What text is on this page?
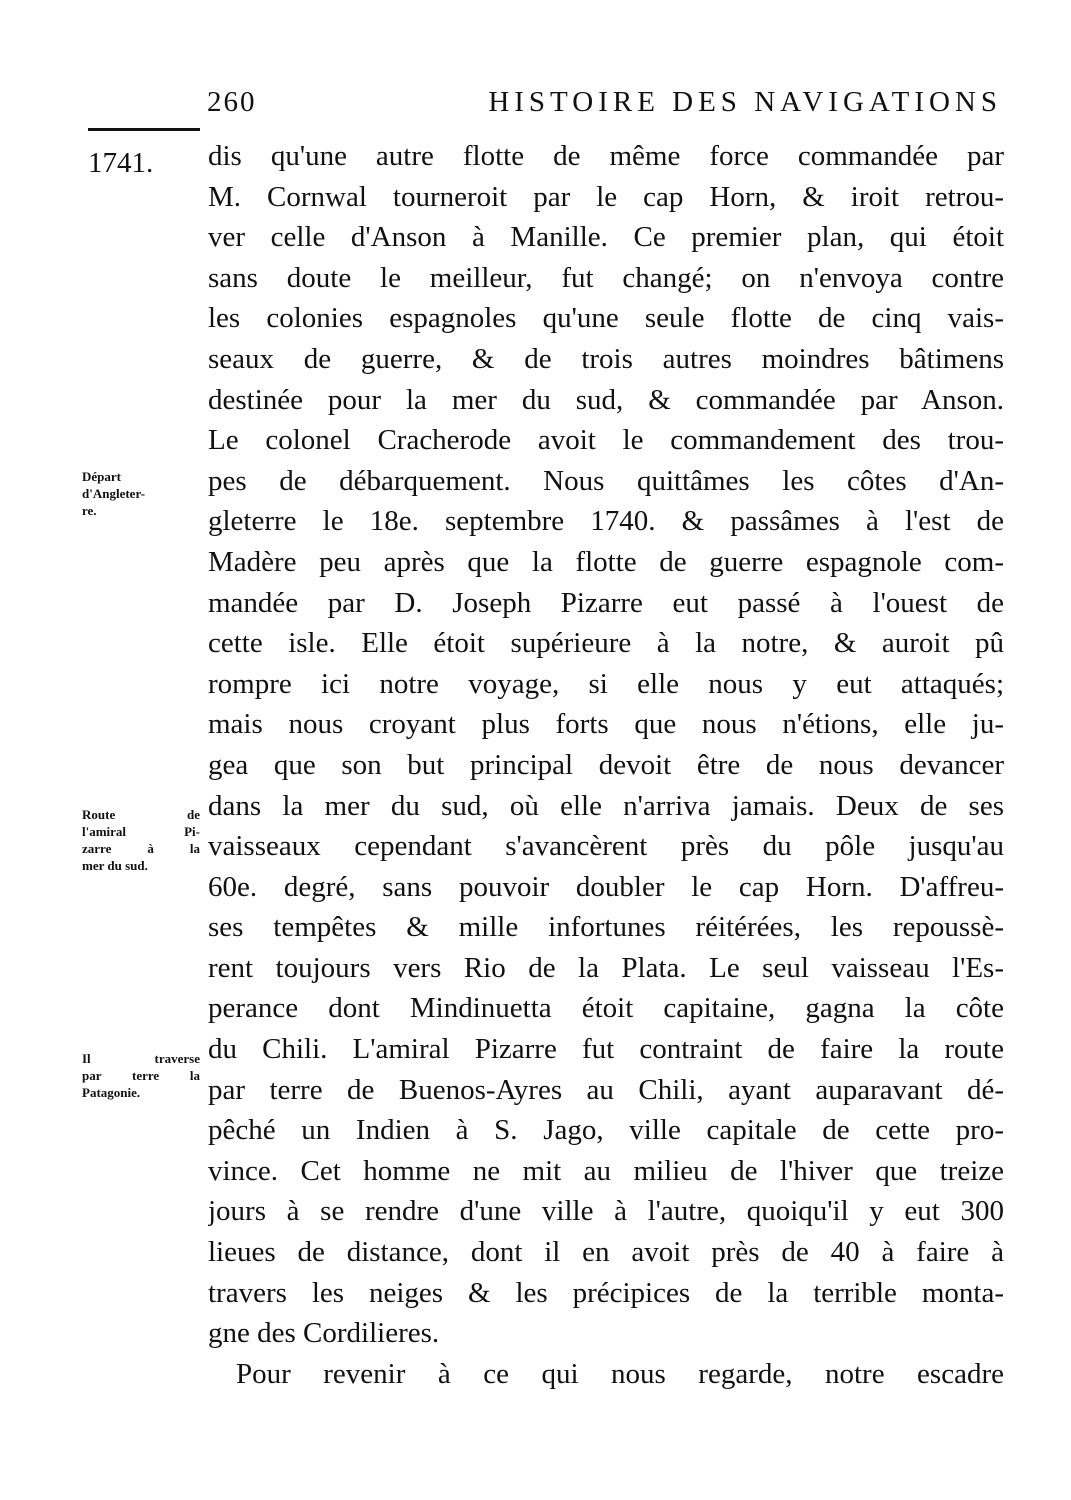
260	HISTOIRE DES NAVIGATIONS
1741.
Départ
d'Angleter-
re.
Route de
l'amiral Pi-
zarre à la
mer du sud.
Il traverse
par terre la
Patagonie.
dis qu'une autre flotte de même force commandée par
M. Cornwal tourneroit par le cap Horn, & iroit retrou-
ver celle d'Anson à Manille. Ce premier plan, qui étoit
sans doute le meilleur, fut changé; on n'envoya contre
les colonies espagnoles qu'une seule flotte de cinq vais-
seaux de guerre, & de trois autres moindres bâtimens
destinée pour la mer du sud, & commandée par Anson.
Le colonel Cracherode avoit le commandement des trou-
pes de débarquement. Nous quittâmes les côtes d'An-
gleterre le 18e. septembre 1740. & passâmes à l'est de
Madère peu après que la flotte de guerre espagnole com-
mandée par D. Joseph Pizarre eut passé à l'ouest de
cette isle. Elle étoit supérieure à la notre, & auroit pû
rompre ici notre voyage, si elle nous y eut attaqués;
mais nous croyant plus forts que nous n'étions, elle ju-
gea que son but principal devoit être de nous devancer
dans la mer du sud, où elle n'arriva jamais. Deux de ses
vaisseaux cependant s'avancèrent près du pôle jusqu'au
60e. degré, sans pouvoir doubler le cap Horn. D'affreu-
ses tempêtes & mille infortunes réitérées, les repoussè-
rent toujours vers Rio de la Plata. Le seul vaisseau l'Es-
perance dont Mindinuetta étoit capitaine, gagna la côte
du Chili. L'amiral Pizarre fut contraint de faire la route
par terre de Buenos-Ayres au Chili, ayant auparavant dé-
pêché un Indien à S. Jago, ville capitale de cette pro-
vince. Cet homme ne mit au milieu de l'hiver que treize
jours à se rendre d'une ville à l'autre, quoiqu'il y eut 300
lieues de distance, dont il en avoit près de 40 à faire à
travers les neiges & les précipices de la terrible monta-
gne des Cordilieres.
Pour revenir à ce qui nous regarde, notre escadre
